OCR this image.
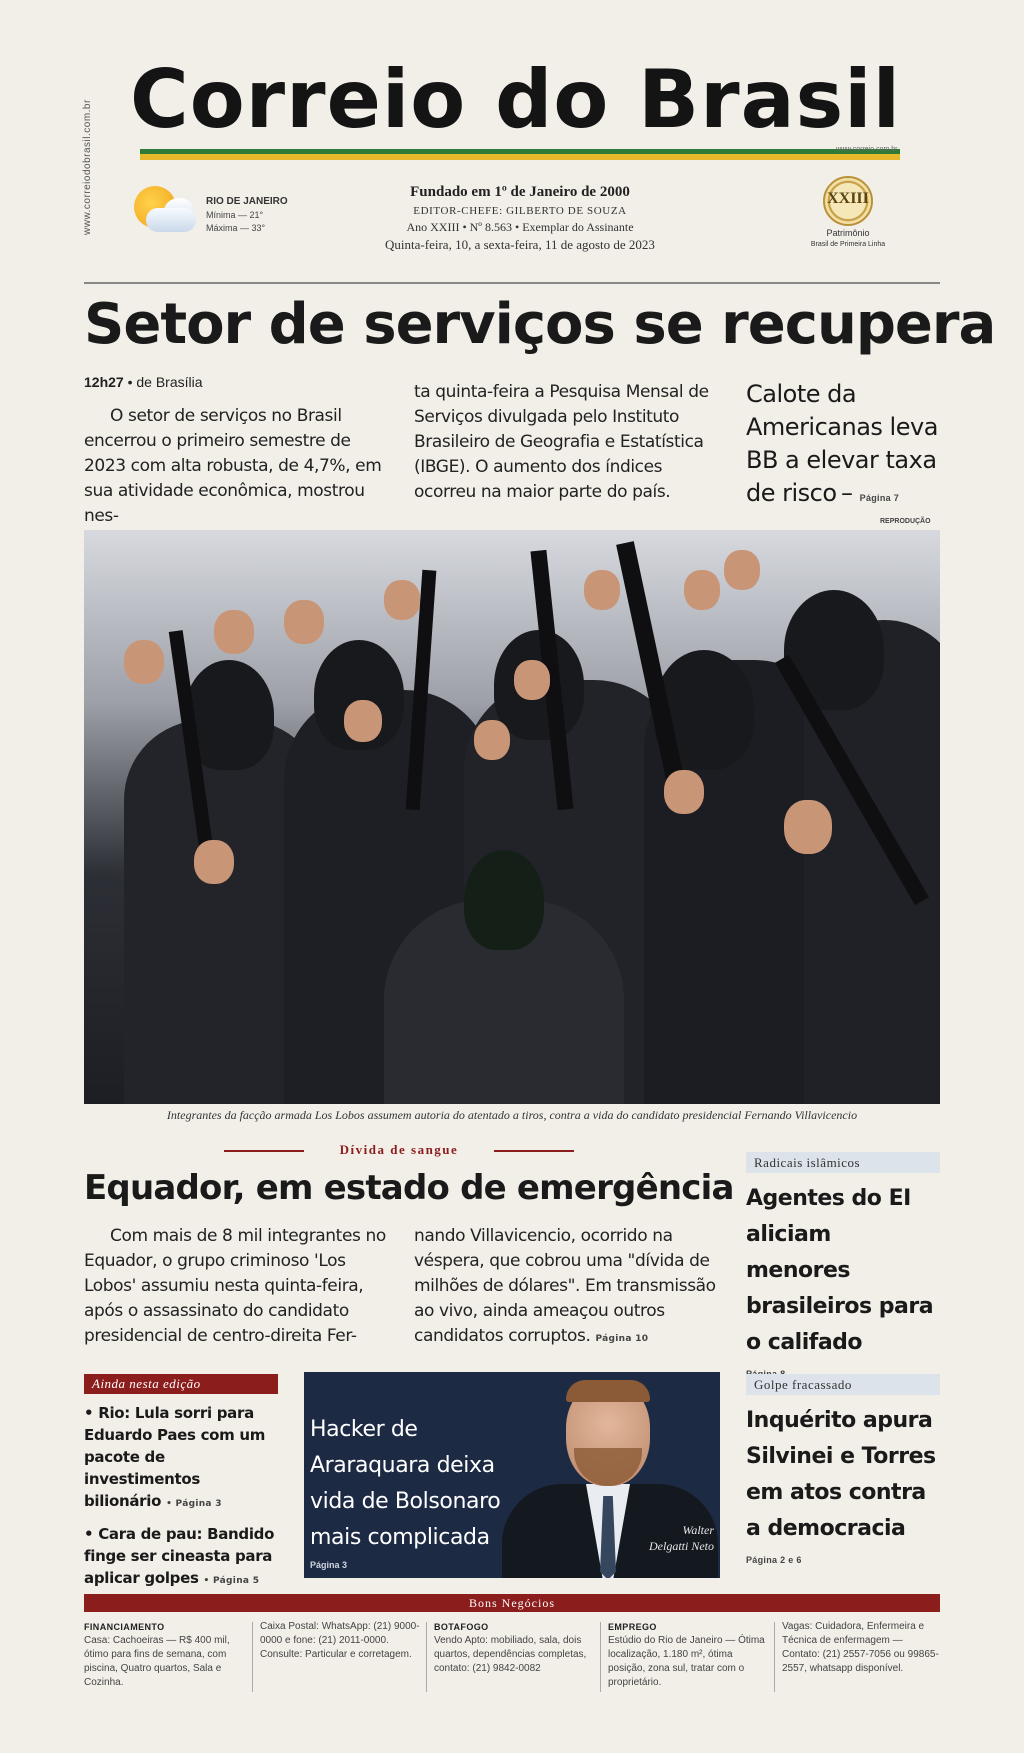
www.correiodobrasil.com.br Correio do Brasil
www.correio.com.br
RIO DE JANEIRO
Mínima — 21°
Máxima — 33°
Fundado em 1º de Janeiro de 2000
EDITOR-CHEFE: GILBERTO DE SOUZA
Ano XXIII • Nº 8.563 • Exemplar do Assinante
Quinta-feira, 10, a sexta-feira, 11 de agosto de 2023
XXIII
Patrimônio
Brasil de Primeira Linha
Setor de serviços se recupera
12h27 • de Brasília
O setor de serviços no Brasil encerrou o primeiro semestre de 2023 com alta robusta, de 4,7%, em sua atividade econômica, mostrou nes-
ta quinta-feira a Pesquisa Mensal de Serviços divulgada pelo Instituto Brasileiro de Geografia e Estatística (IBGE). O aumento dos índices ocorreu na maior parte do país.
Calote da Americanas leva BB a elevar taxa de risco – Página 7
REPRODUÇÃO
Integrantes da facção armada Los Lobos assumem autoria do atentado a tiros, contra a vida do candidato presidencial Fernando Villavicencio
Dívida de sangue
Equador, em estado de emergência
Com mais de 8 mil integrantes no Equador, o grupo criminoso 'Los Lobos' assumiu nesta quinta-feira, após o assassinato do candidato presidencial de centro-direita Fer-
nando Villavicencio, ocorrido na véspera, que cobrou uma "dívida de milhões de dólares". Em transmissão ao vivo, ainda ameaçou outros candidatos corruptos. Página 10
Radicais islâmicos
Agentes do EI aliciam menores brasileiros para o califado
Golpe fracassado
Inquérito apura Silvinei e Torres em atos contra a democracia
Página 2 e 6
Ainda nesta edição
• Rio: Lula sorri para Eduardo Paes com um pacote de investimentos bilionário • Página 3
• Cara de pau: Bandido finge ser cineasta para aplicar golpes • Página 5
Hacker de Araraquara deixa vida de Bolsonaro mais complicada
Página 3
Walter
Delgatti Neto
Bons Negócios
FINANCIAMENTO
Casa: Cachoeiras — R$ 400 mil, ótimo para fins de semana, com piscina, Quatro quartos, Sala e Cozinha.
Caixa Postal: WhatsApp: (21) 9000-0000 e fone: (21) 2011-0000. Consulte: Particular e corretagem.
BOTAFOGO
Vendo Apto: mobiliado, sala, dois quartos, dependências completas, contato: (21) 9842-0082
EMPREGO
Estúdio do Rio de Janeiro — Ótima localização, 1.180 m², ótima posição, zona sul, tratar com o proprietário.
Vagas: Cuidadora, Enfermeira e Técnica de enfermagem — Contato: (21) 2557-7056 ou 99865-2557, whatsapp disponível.
